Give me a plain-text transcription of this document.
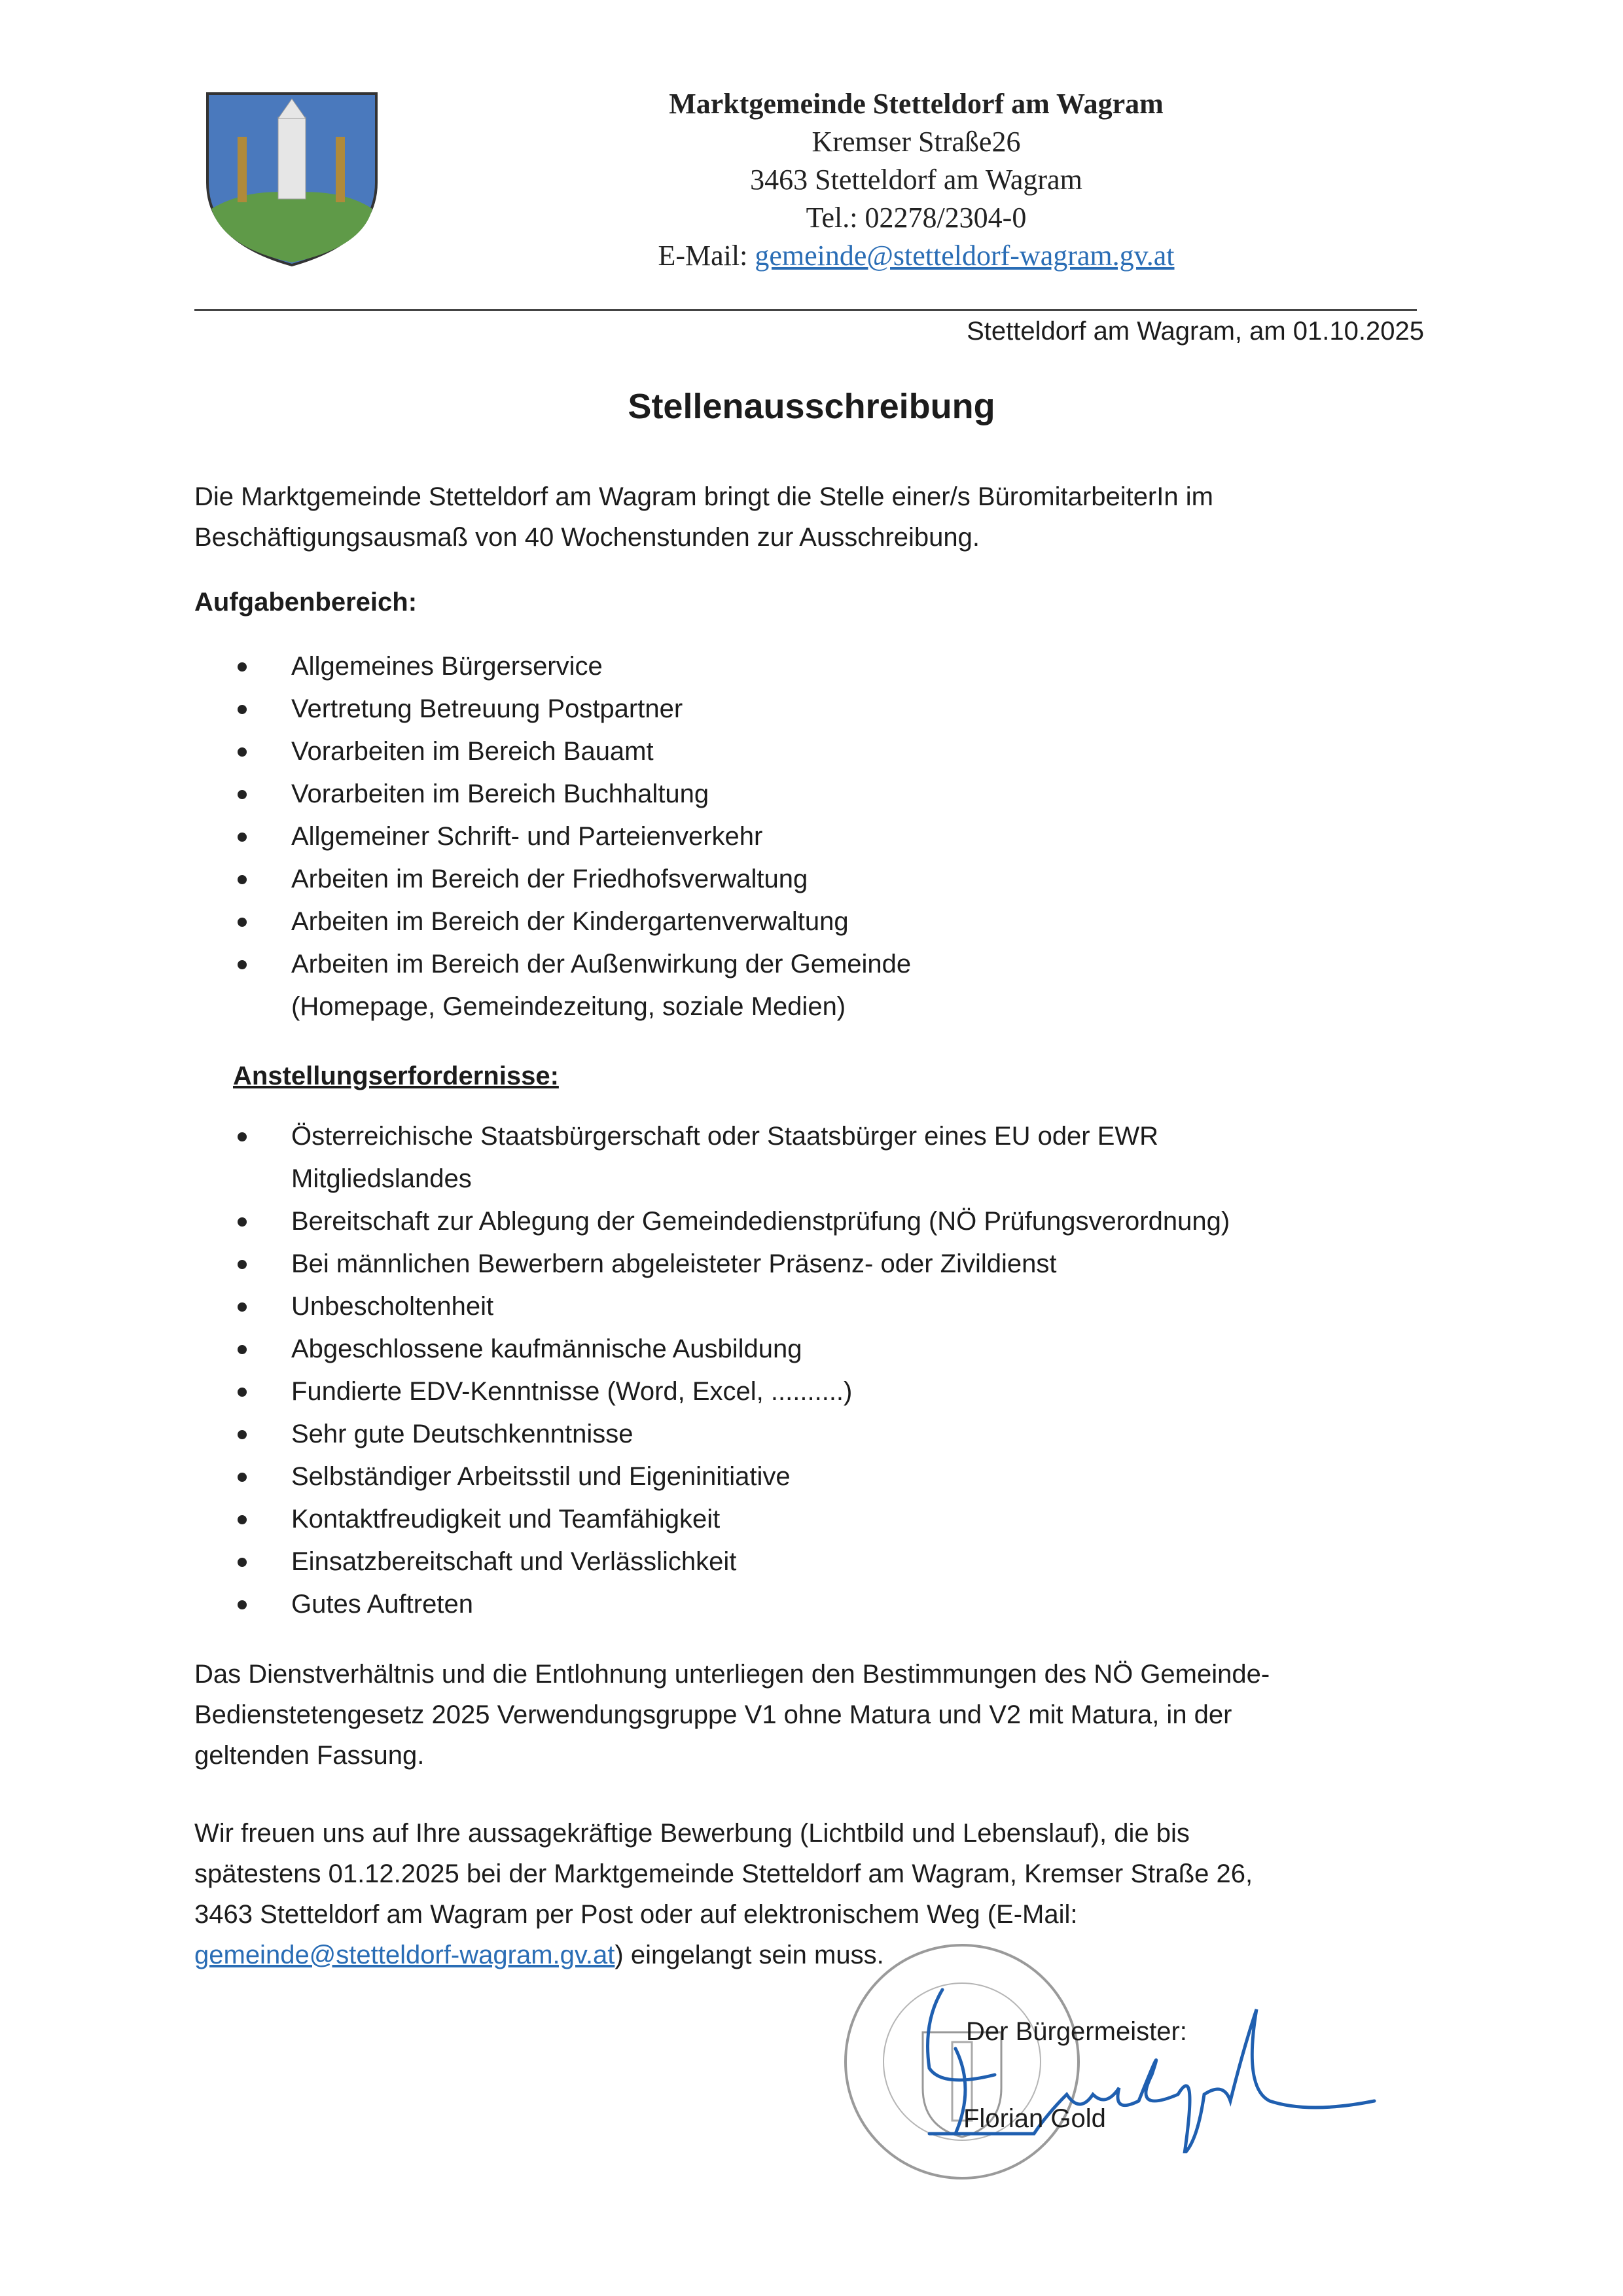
Marktgemeinde Stetteldorf am Wagram
Kremser Straße26
3463 Stetteldorf am Wagram
Tel.: 02278/2304-0
E-Mail: gemeinde@stetteldorf-wagram.gv.at
Stetteldorf am Wagram, am 01.10.2025
Stellenausschreibung
Die Marktgemeinde Stetteldorf am Wagram bringt die Stelle einer/s BüromitarbeiterIn im
Beschäftigungsausmaß von 40 Wochenstunden zur Ausschreibung.
Aufgabenbereich:
Allgemeines Bürgerservice
Vertretung Betreuung Postpartner
Vorarbeiten im Bereich Bauamt
Vorarbeiten im Bereich Buchhaltung
Allgemeiner Schrift- und Parteienverkehr
Arbeiten im Bereich der Friedhofsverwaltung
Arbeiten im Bereich der Kindergartenverwaltung
Arbeiten im Bereich der Außenwirkung der Gemeinde
(Homepage, Gemeindezeitung, soziale Medien)
Anstellungserfordernisse:
Österreichische Staatsbürgerschaft oder Staatsbürger eines EU oder EWR
Mitgliedslandes
Bereitschaft zur Ablegung der Gemeindedienstprüfung (NÖ Prüfungsverordnung)
Bei männlichen Bewerbern abgeleisteter Präsenz- oder Zivildienst
Unbescholtenheit
Abgeschlossene kaufmännische Ausbildung
Fundierte EDV-Kenntnisse (Word, Excel, ..........)
Sehr gute Deutschkenntnisse
Selbständiger Arbeitsstil und Eigeninitiative
Kontaktfreudigkeit und Teamfähigkeit
Einsatzbereitschaft und Verlässlichkeit
Gutes Auftreten
Das Dienstverhältnis und die Entlohnung unterliegen den Bestimmungen des NÖ Gemeinde-
Bedienstetengesetz 2025 Verwendungsgruppe V1 ohne Matura und V2 mit Matura, in der
geltenden Fassung.
Wir freuen uns auf Ihre aussagekräftige Bewerbung (Lichtbild und Lebenslauf), die bis
spätestens 01.12.2025 bei der Marktgemeinde Stetteldorf am Wagram, Kremser Straße 26,
3463 Stetteldorf am Wagram per Post oder auf elektronischem Weg (E-Mail:
gemeinde@stetteldorf-wagram.gv.at) eingelangt sein muss.
Der Bürgermeister:
Florian Gold
